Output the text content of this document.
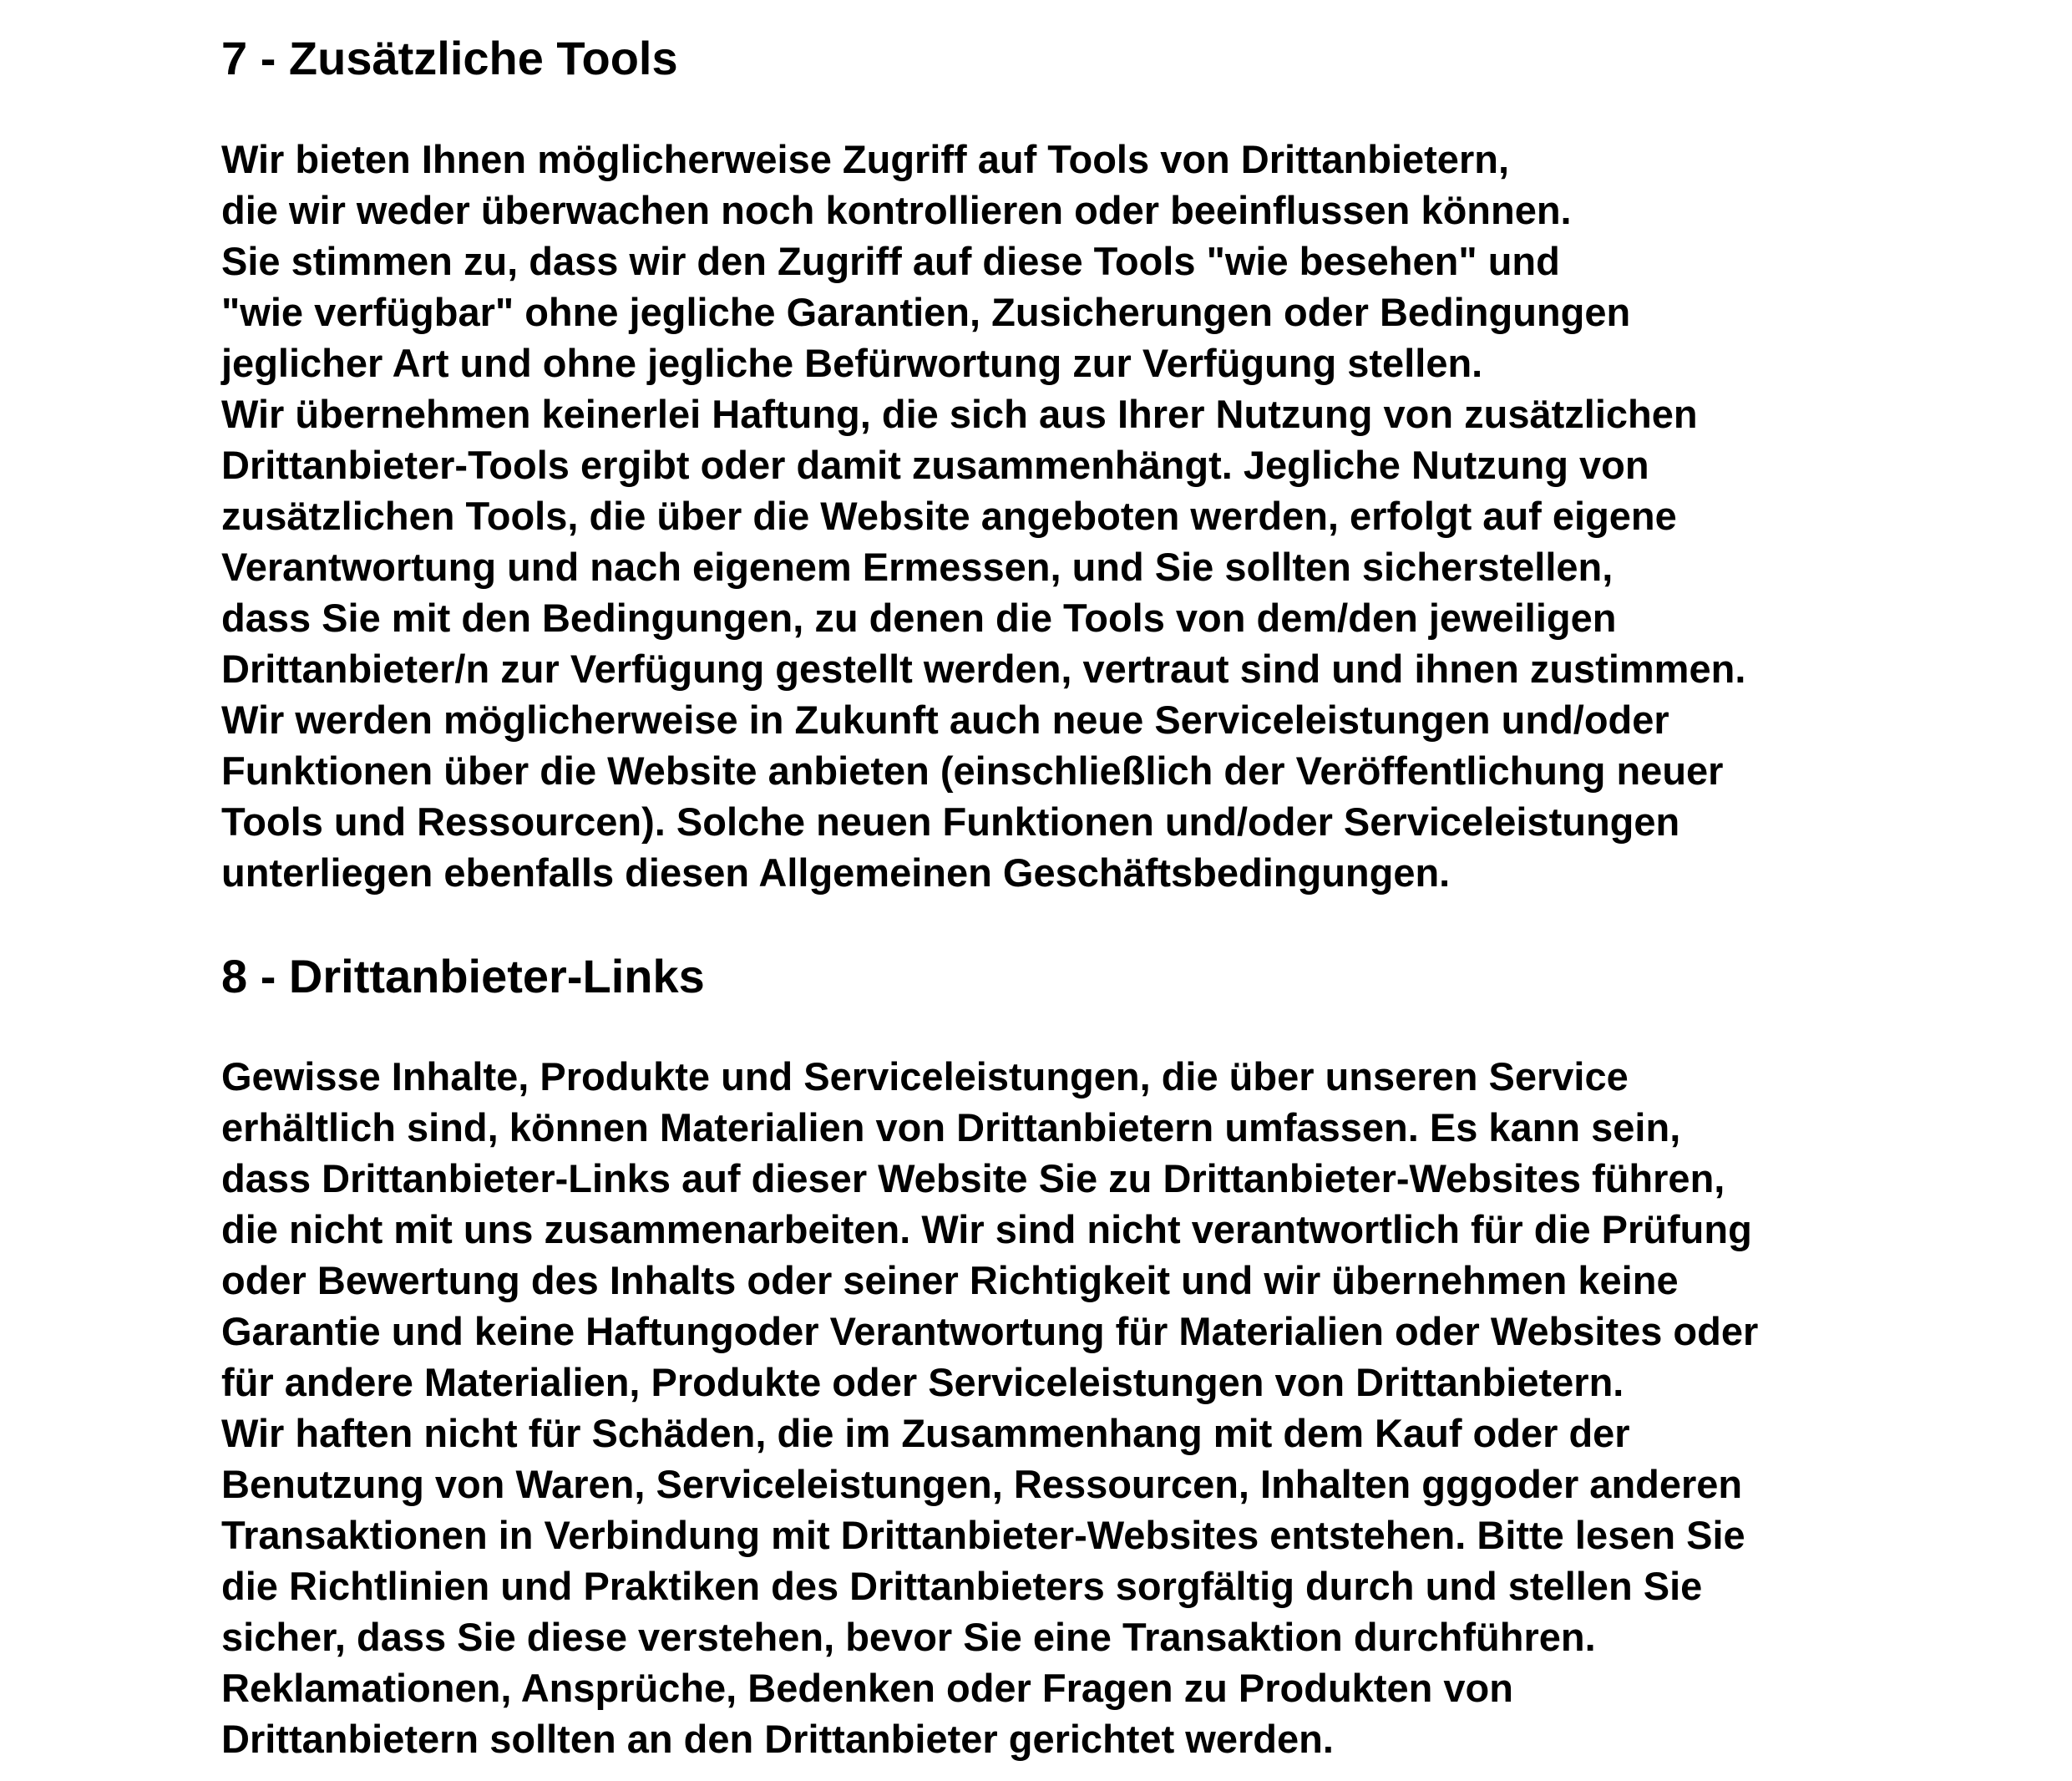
7 - Zusätzliche Tools
Wir bieten Ihnen möglicherweise Zugriff auf Tools von Drittanbietern,
die wir weder überwachen noch kontrollieren oder beeinflussen können.
Sie stimmen zu, dass wir den Zugriff auf diese Tools "wie besehen" und
"wie verfügbar" ohne jegliche Garantien, Zusicherungen oder Bedingungen
jeglicher Art und ohne jegliche Befürwortung zur Verfügung stellen.
Wir übernehmen keinerlei Haftung, die sich aus Ihrer Nutzung von zusätzlichen
Drittanbieter-Tools ergibt oder damit zusammenhängt. Jegliche Nutzung von
zusätzlichen Tools, die über die Website angeboten werden, erfolgt auf eigene
Verantwortung und nach eigenem Ermessen, und Sie sollten sicherstellen,
dass Sie mit den Bedingungen, zu denen die Tools von dem/den jeweiligen
Drittanbieter/n zur Verfügung gestellt werden, vertraut sind und ihnen zustimmen.
Wir werden möglicherweise in Zukunft auch neue Serviceleistungen und/oder
Funktionen über die Website anbieten (einschließlich der Veröffentlichung neuer
Tools und Ressourcen). Solche neuen Funktionen und/oder Serviceleistungen
unterliegen ebenfalls diesen Allgemeinen Geschäftsbedingungen.
8 - Drittanbieter-Links
Gewisse Inhalte, Produkte und Serviceleistungen, die über unseren Service
erhältlich sind, können Materialien von Drittanbietern umfassen. Es kann sein,
dass Drittanbieter-Links auf dieser Website Sie zu Drittanbieter-Websites führen,
die nicht mit uns zusammenarbeiten. Wir sind nicht verantwortlich für die Prüfung
oder Bewertung des Inhalts oder seiner Richtigkeit und wir übernehmen keine
Garantie und keine Haftungoder Verantwortung für Materialien oder Websites oder
für andere Materialien, Produkte oder Serviceleistungen von Drittanbietern.
Wir haften nicht für Schäden, die im Zusammenhang mit dem Kauf oder der
Benutzung von Waren, Serviceleistungen, Ressourcen, Inhalten gggoder anderen
Transaktionen in Verbindung mit Drittanbieter-Websites entstehen. Bitte lesen Sie
die Richtlinien und Praktiken des Drittanbieters sorgfältig durch und stellen Sie
sicher, dass Sie diese verstehen, bevor Sie eine Transaktion durchführen.
Reklamationen, Ansprüche, Bedenken oder Fragen zu Produkten von
Drittanbietern sollten an den Drittanbieter gerichtet werden.
